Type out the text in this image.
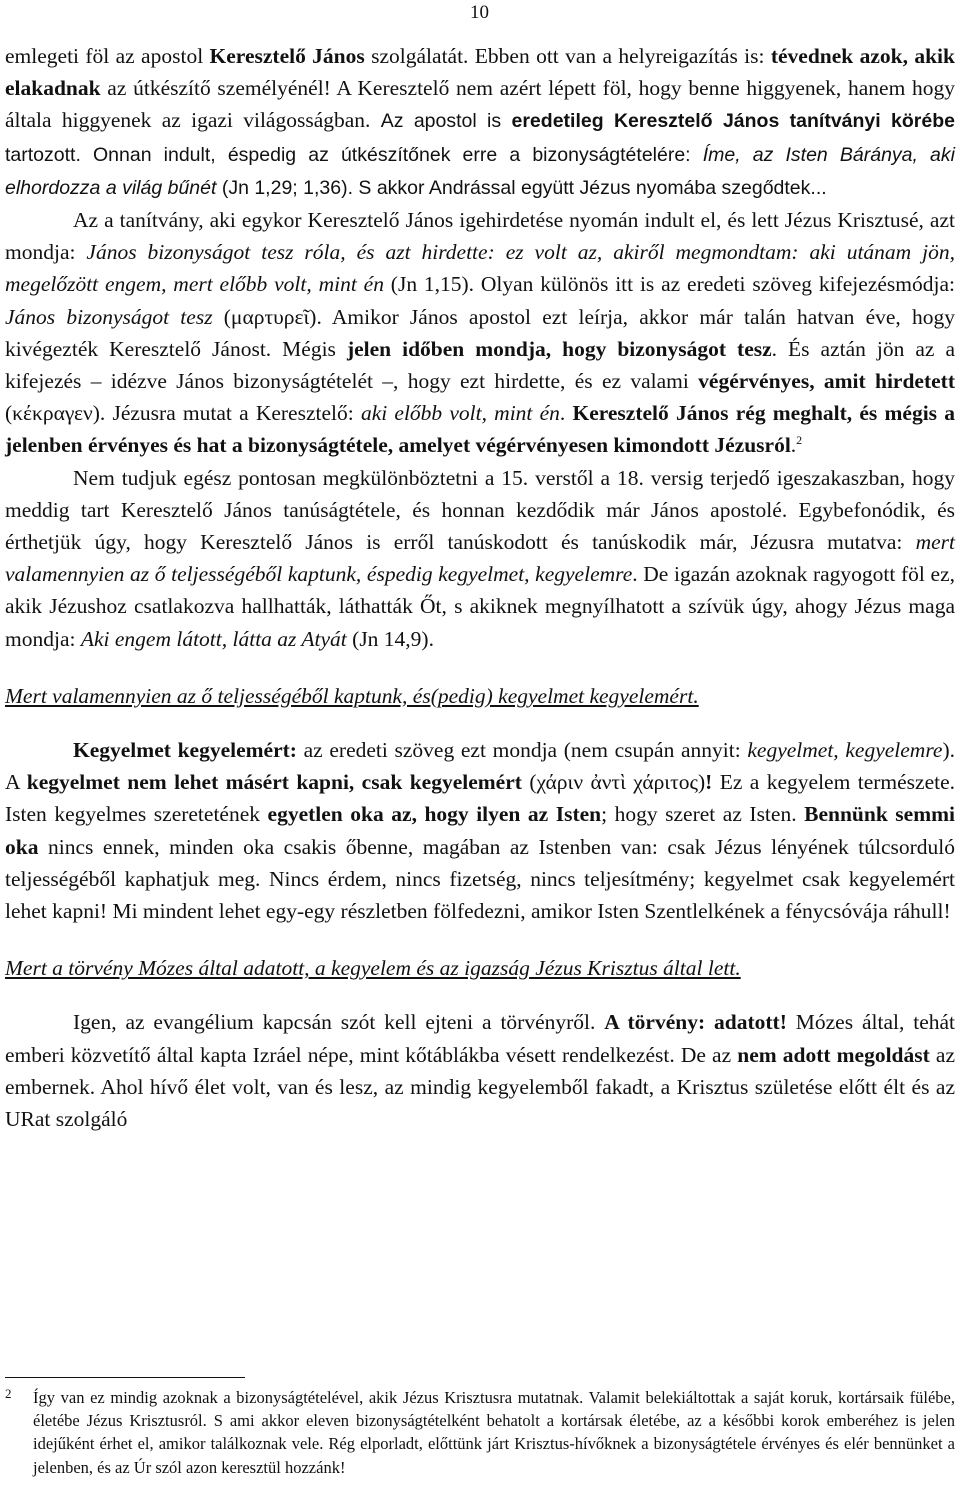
10

emlegeti föl az apostol Keresztelő János szolgálatát. Ebben ott van a helyreigazítás is: tévednek azok, akik elakadnak az útkészítő személyénél! A Keresztelő nem azért lépett föl, hogy benne higgyenek, hanem hogy általa higgyenek az igazi világosságban. Az apostol is eredetileg Keresztelő János tanítványi körébe tartozott. Onnan indult, éspedig az útkészítőnek erre a bizonyságtételére: Íme, az Isten Báránya, aki elhordozza a világ bűnét (Jn 1,29; 1,36). S akkor Andrással együtt Jézus nyomába szegődtek...

Az a tanítvány, aki egykor Keresztelő János igehirdetése nyomán indult el, és lett Jézus Krisztusé, azt mondja: János bizonyságot tesz róla, és azt hirdette: ez volt az, akiről megmondtam: aki utánam jön, megelőzött engem, mert előbb volt, mint én (Jn 1,15). Olyan különös itt is az eredeti szöveg kifejezésmódja: János bizonyságot tesz (μαρτυρεῖ). Amikor János apostol ezt leírja, akkor már talán hatvan éve, hogy kivégezték Keresztelő Jánost. Mégis jelen időben mondja, hogy bizonyságot tesz. És aztán jön az a kifejezés – idézve János bizonyságtételét –, hogy ezt hirdette, és ez valami végérvényes, amit hirdetett (κέκραγεν). Jézusra mutat a Keresztelő: aki előbb volt, mint én. Keresztelő János rég meghalt, és mégis a jelenben érvényes és hat a bizonyságtétele, amelyet végérvényesen kimondott Jézusról.$^2$

Nem tudjuk egész pontosan megkülönböztetni a 15. verstől a 18. versig terjedő igeszakaszban, hogy meddig tart Keresztelő János tanúságtétele, és honnan kezdődik már János apostolé. Egybefonódik, és érthetjük úgy, hogy Keresztelő János is erről tanúskodott és tanúskodik már, Jézusra mutatva: mert valamennyien az ő teljességéből kaptunk, éspedig kegyelmet, kegyelemre. De igazán azoknak ragyogott föl ez, akik Jézushoz csatlakozva hallhatták, láthatták Őt, s akiknek megnyílhatott a szívük úgy, ahogy Jézus maga mondja: Aki engem látott, látta az Atyát (Jn 14,9).

Mert valamennyien az ő teljességéből kaptunk, és(pedig) kegyelmet kegyelemért.

Kegyelmet kegyelemért: az eredeti szöveg ezt mondja (nem csupán annyit: kegyelmet, kegyelemre). A kegyelmet nem lehet másért kapni, csak kegyelemért (χάριν ἀντὶ χάριτος)! Ez a kegyelem természete. Isten kegyelmes szeretetének egyetlen oka az, hogy ilyen az Isten; hogy szeret az Isten. Bennünk semmi oka nincs ennek, minden oka csakis őbenne, magában az Istenben van: csak Jézus lényének túlcsorduló teljességéből kaphatjuk meg. Nincs érdem, nincs fizetség, nincs teljesítmény; kegyelmet csak kegyelemért lehet kapni! Mi mindent lehet egy-egy részletben fölfedezni, amikor Isten Szentlelkének a fénycsóvája ráhull!

Mert a törvény Mózes által adatott, a kegyelem és az igazság Jézus Krisztus által lett.

Igen, az evangélium kapcsán szót kell ejteni a törvényről. A törvény: adatott! Mózes által, tehát emberi közvetítő által kapta Izráel népe, mint kőtáblákba vésett rendelkezést. De az nem adott megoldást az embernek. Ahol hívő élet volt, van és lesz, az mindig kegyelemből fakadt, a Krisztus születése előtt élt és az URat szolgáló

2	Így van ez mindig azoknak a bizonyságtételével, akik Jézus Krisztusra mutatnak. Valamit belekiáltottak a saját koruk, kortársaik fülébe, életébe Jézus Krisztusról. S ami akkor eleven bizonyságtételként behatolt a kortársak életébe, az a későbbi korok emberéhez is jelen idejűként érhet el, amikor találkoznak vele. Rég elporladt, előttünk járt Krisztus-hívőknek a bizonyságtétele érvényes és elér bennünket a jelenben, és az Úr szól azon keresztül hozzánk!
